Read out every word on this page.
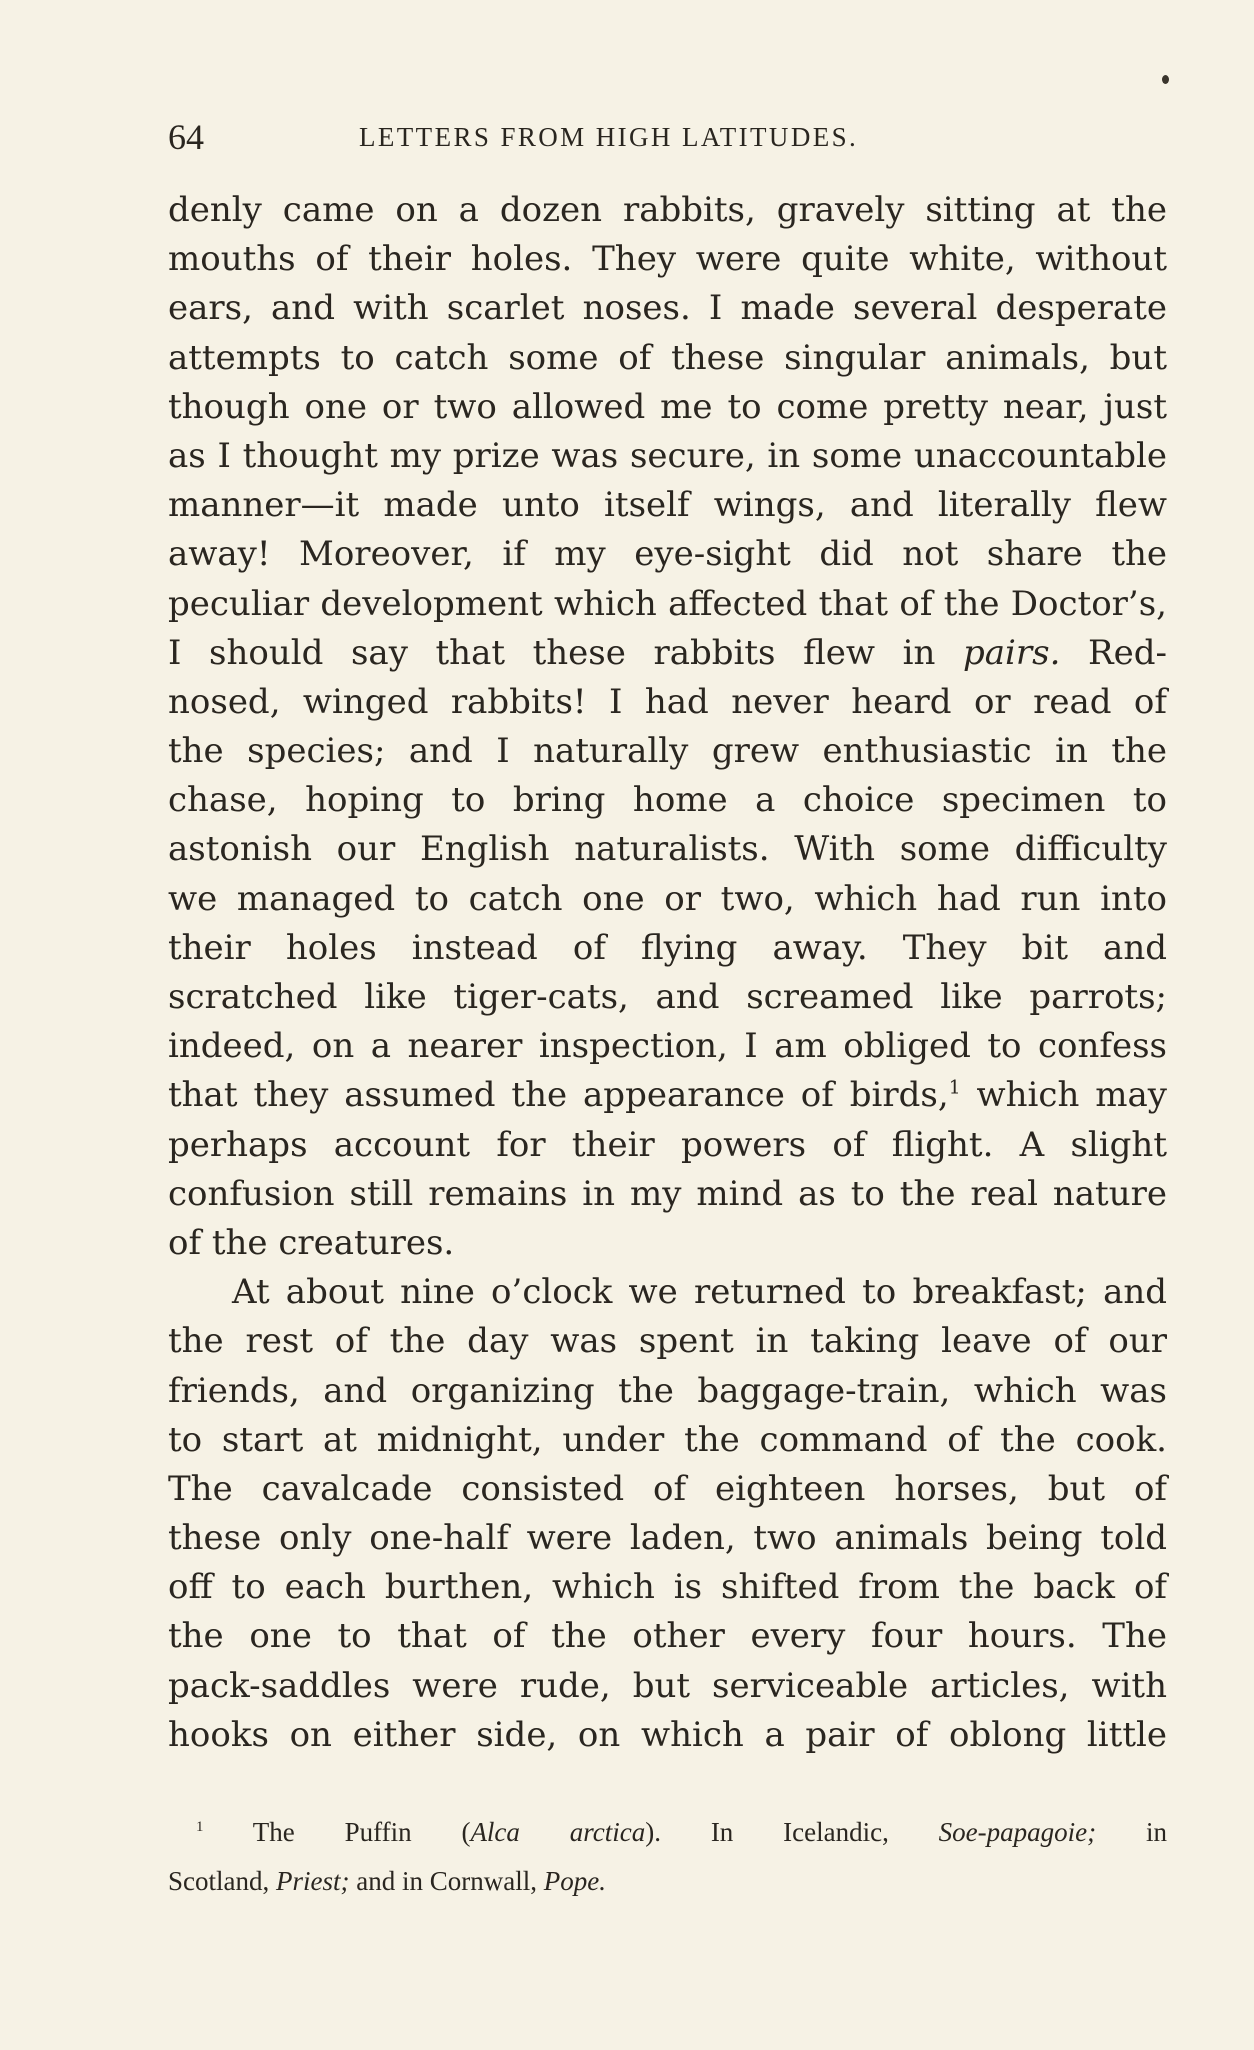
64	LETTERS FROM HIGH LATITUDES.
denly came on a dozen rabbits, gravely sitting at the
mouths of their holes. They were quite white, without
ears, and with scarlet noses. I made several desperate
attempts to catch some of these singular animals, but
though one or two allowed me to come pretty near, just
as I thought my prize was secure, in some unaccountable
manner—it made unto itself wings, and literally flew
away! Moreover, if my eye-sight did not share the
peculiar development which affected that of the Doctor’s,
I should say that these rabbits flew in pairs. Red-
nosed, winged rabbits! I had never heard or read of
the species; and I naturally grew enthusiastic in the
chase, hoping to bring home a choice specimen to
astonish our English naturalists. With some difficulty
we managed to catch one or two, which had run into
their holes instead of flying away. They bit and
scratched like tiger-cats, and screamed like parrots;
indeed, on a nearer inspection, I am obliged to confess
that they assumed the appearance of birds,$^1$ which may
perhaps account for their powers of flight. A slight
confusion still remains in my mind as to the real nature
of the creatures.
At about nine o’clock we returned to breakfast; and
the rest of the day was spent in taking leave of our
friends, and organizing the baggage-train, which was
to start at midnight, under the command of the cook.
The cavalcade consisted of eighteen horses, but of
these only one-half were laden, two animals being told
off to each burthen, which is shifted from the back of
the one to that of the other every four hours. The
pack-saddles were rude, but serviceable articles, with
hooks on either side, on which a pair of oblong little
$^1$ The Puffin (Alca arctica). In Icelandic, Soe-papagoie; in
Scotland, Priest; and in Cornwall, Pope.
